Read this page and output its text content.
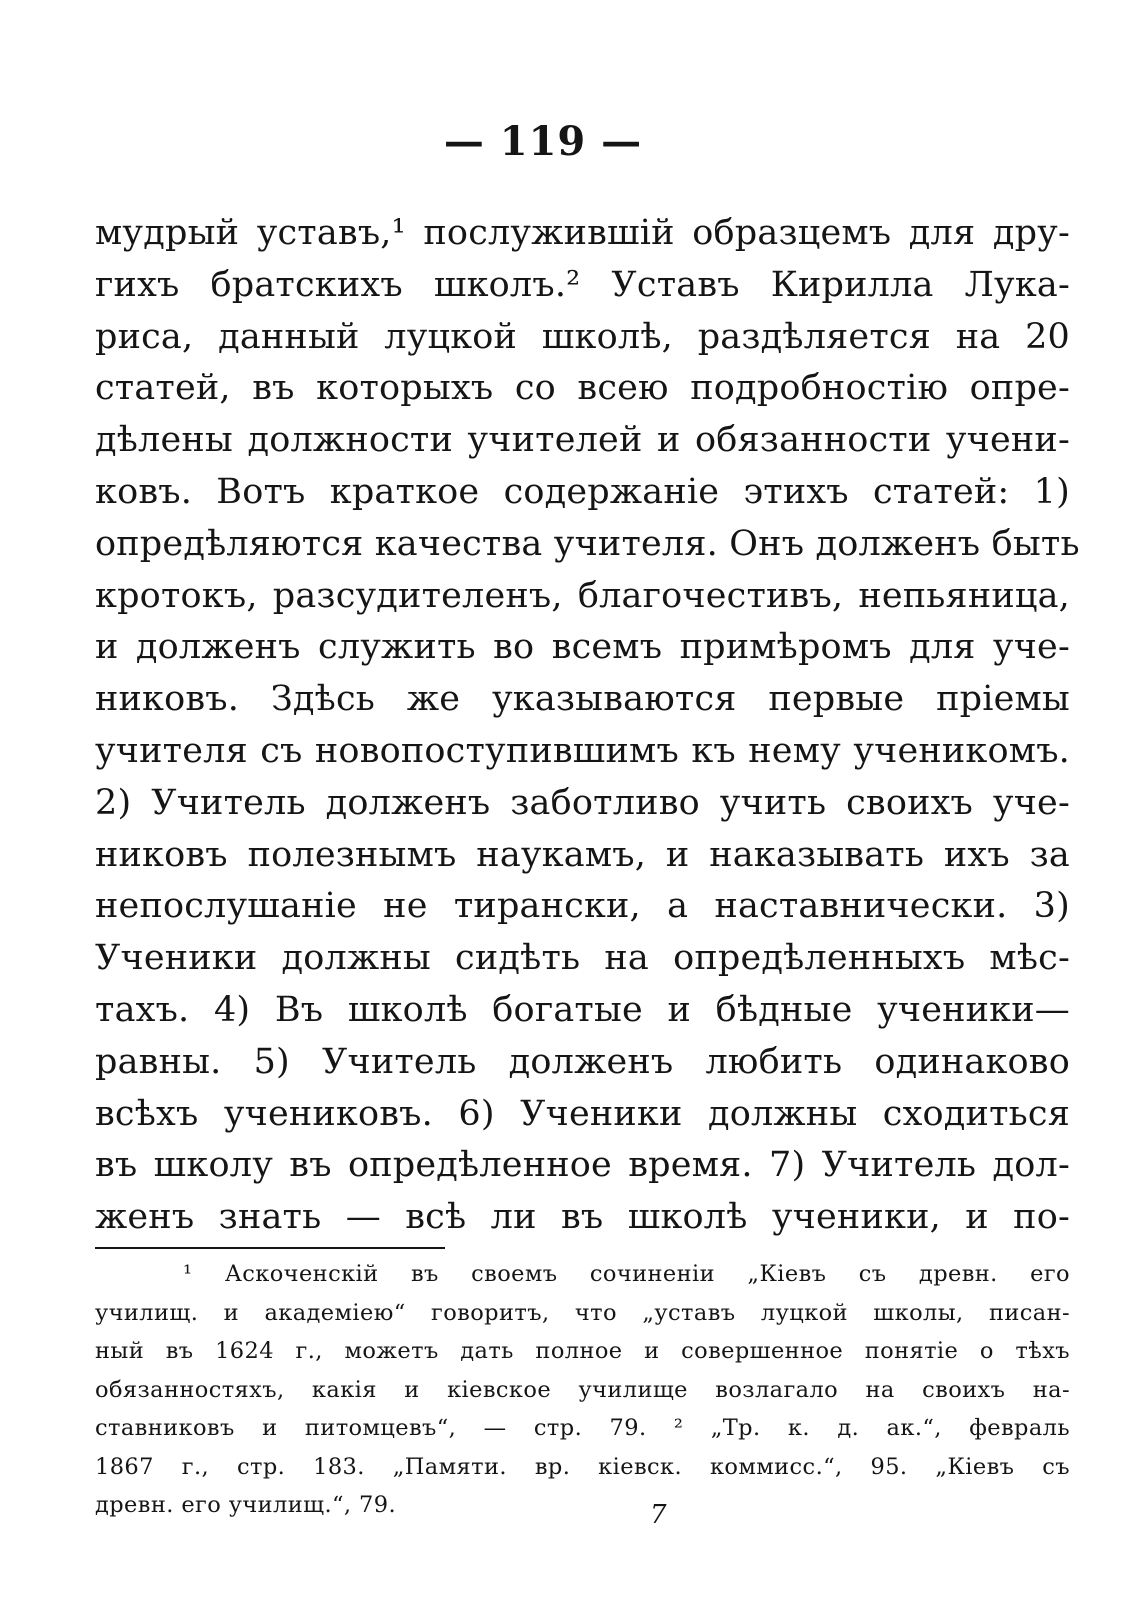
— 119 —
мудрый уставъ,¹ послужившій образцемъ для дру-
гихъ братскихъ школъ.² Уставъ Кирилла Лука-
риса, данный луцкой школѣ, раздѣляется на 20
статей, въ которыхъ со всею подробностію опре-
дѣлены должности учителей и обязанности учени-
ковъ. Вотъ краткое содержаніе этихъ статей: 1)
опредѣляются качества учителя. Онъ долженъ быть
кротокъ, разсудителенъ, благочестивъ, непьяница,
и долженъ служить во всемъ примѣромъ для уче-
никовъ. Здѣсь же указываются первые пріемы
учителя съ новопоступившимъ къ нему ученикомъ.
2) Учитель долженъ заботливо учить своихъ уче-
никовъ полезнымъ наукамъ, и наказывать ихъ за
непослушаніе не тирански, а наставнически. 3)
Ученики должны сидѣть на опредѣленныхъ мѣс-
тахъ. 4) Въ школѣ богатые и бѣдные ученики—
равны. 5) Учитель долженъ любить одинаково
всѣхъ учениковъ. 6) Ученики должны сходиться
въ школу въ опредѣленное время. 7) Учитель дол-
женъ знать — всѣ ли въ школѣ ученики, и по-
¹ Аскоченскій въ своемъ сочиненіи „Кіевъ съ древн. его
училищ. и академіею“ говоритъ, что „уставъ луцкой школы, писан-
ный въ 1624 г., можетъ дать полное и совершенное понятіе о тѣхъ
обязанностяхъ, какія и кіевское училище возлагало на своихъ на-
ставниковъ и питомцевъ“, — стр. 79. ² „Тр. к. д. ак.“, февраль
1867 г., стр. 183. „Памяти. вр. кіевск. коммисс.“, 95. „Кіевъ съ
древн. его училищ.“, 79.	7
